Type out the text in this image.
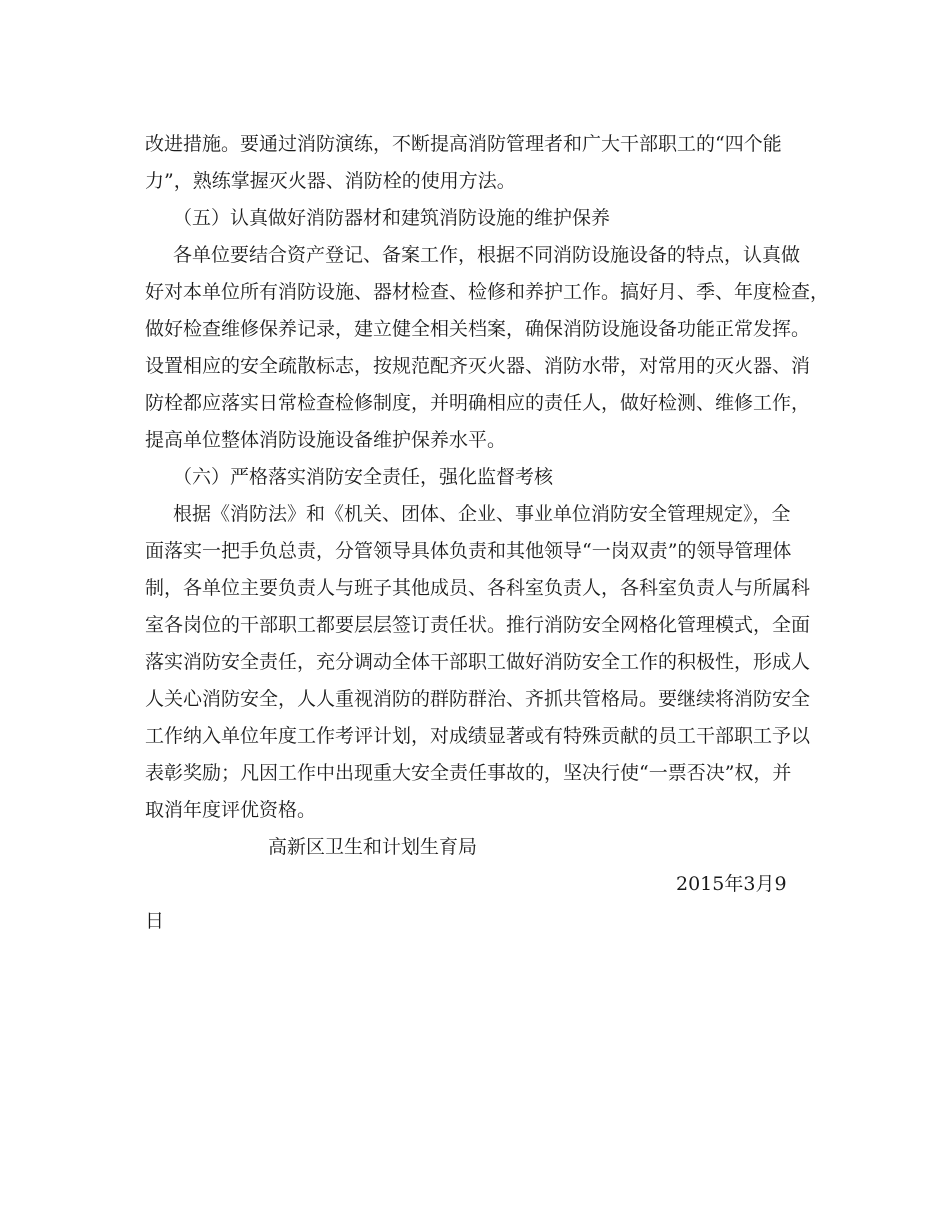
改进措施。要通过消防演练，不断提高消防管理者和广大干部职工的“四个能
力”，熟练掌握灭火器、消防栓的使用方法。
（五）认真做好消防器材和建筑消防设施的维护保养
各单位要结合资产登记、备案工作，根据不同消防设施设备的特点，认真做
好对本单位所有消防设施、器材检查、检修和养护工作。搞好月、季、年度检查，
做好检查维修保养记录，建立健全相关档案，确保消防设施设备功能正常发挥。
设置相应的安全疏散标志，按规范配齐灭火器、消防水带，对常用的灭火器、消
防栓都应落实日常检查检修制度，并明确相应的责任人，做好检测、维修工作，
提高单位整体消防设施设备维护保养水平。
（六）严格落实消防安全责任，强化监督考核
根据《消防法》和《机关、团体、企业、事业单位消防安全管理规定》，全
面落实一把手负总责，分管领导具体负责和其他领导“一岗双责”的领导管理体
制，各单位主要负责人与班子其他成员、各科室负责人，各科室负责人与所属科
室各岗位的干部职工都要层层签订责任状。推行消防安全网格化管理模式，全面
落实消防安全责任，充分调动全体干部职工做好消防安全工作的积极性，形成人
人关心消防安全，人人重视消防的群防群治、齐抓共管格局。要继续将消防安全
工作纳入单位年度工作考评计划，对成绩显著或有特殊贡献的员工干部职工予以
表彰奖励；凡因工作中出现重大安全责任事故的，坚决行使“一票否决”权，并
取消年度评优资格。
高新区卫生和计划生育局
2015年3月9
日
